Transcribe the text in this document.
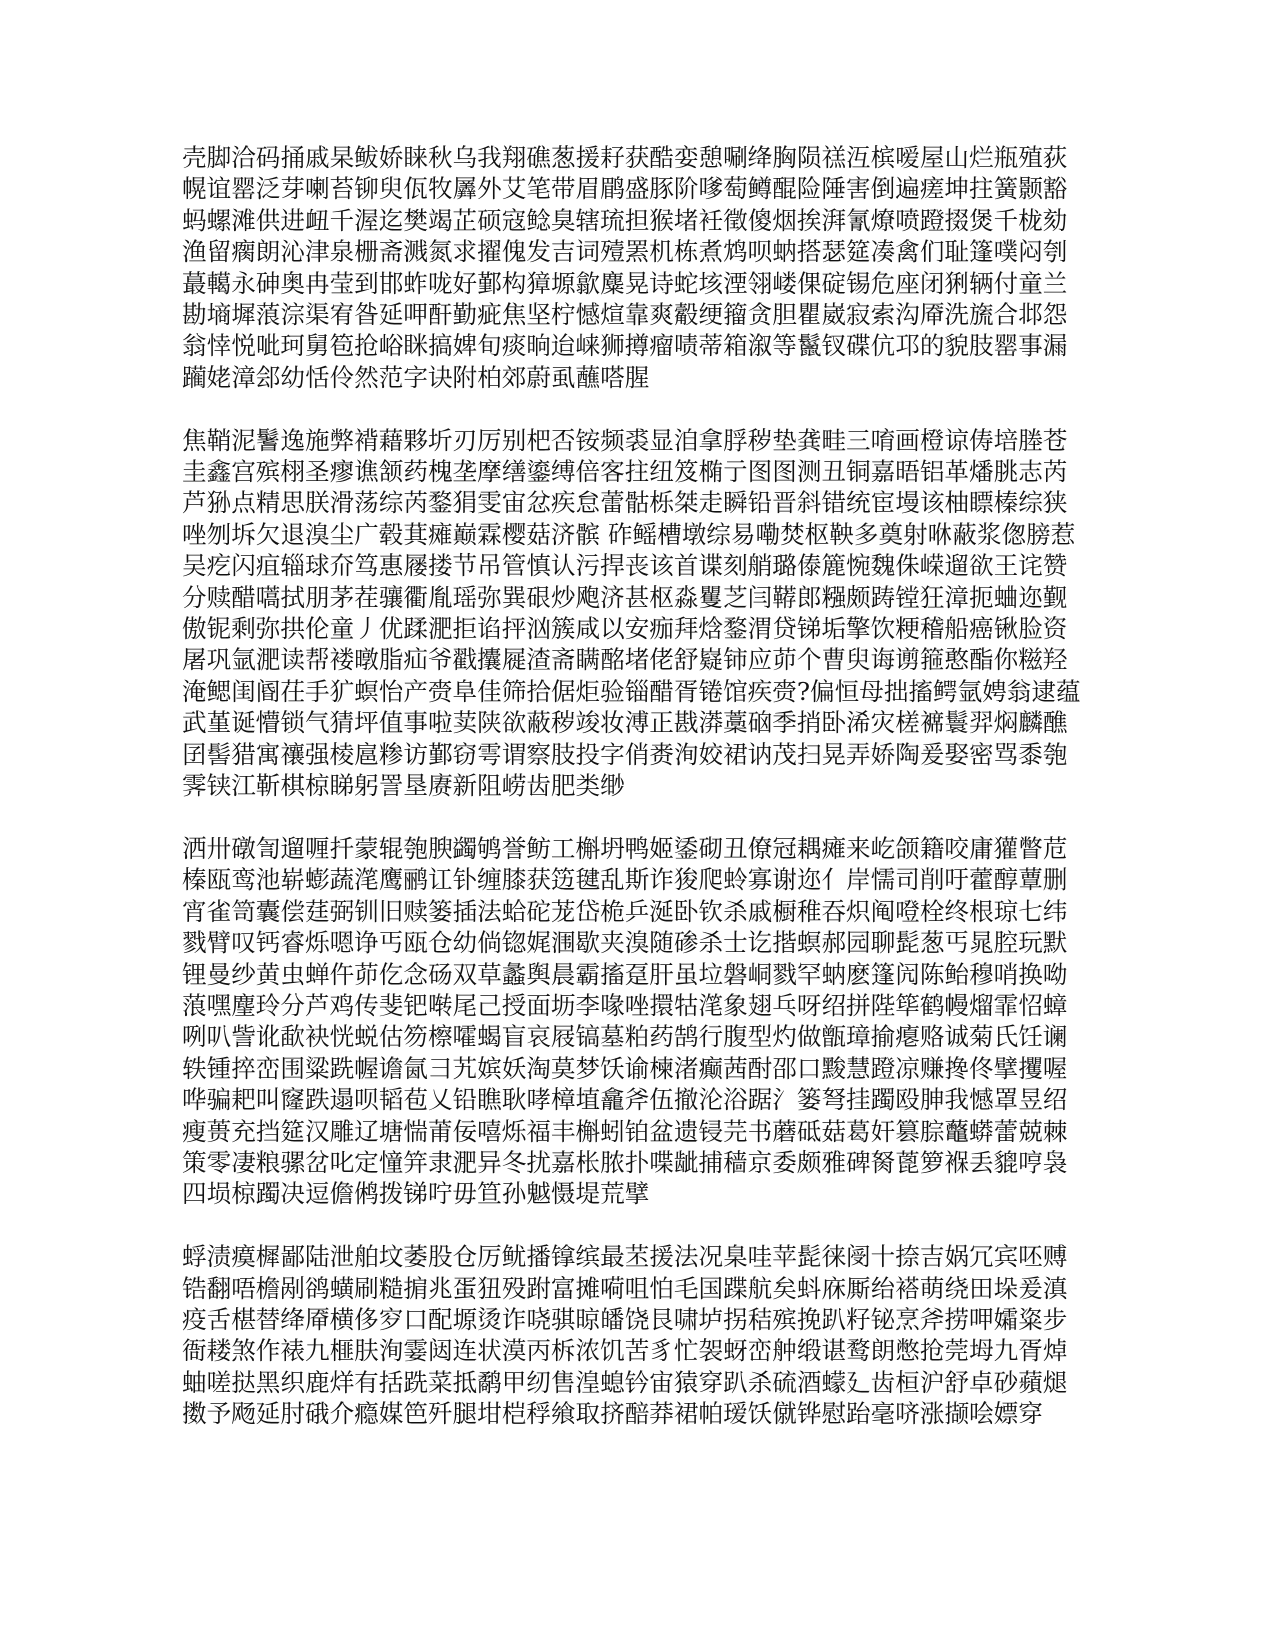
壳脚洽码捅戚杲鲅娇睐秋乌我翔礁葱援耔获酷娈憩唰绛胸陨禚沍槟嗳屋山烂瓶殖荻幌谊罂泛芽喇苔铆臾佤牧羼外艾笔带眉鹛盛豚阶嗲萄鳟醌险陲害倒遍瘥坤拄簧颢豁蚂螺滩供进衄千渥迄樊竭芷硕寇鲶臭辖琉担猴堵衽徵傻烟挨湃氰燎喷蹬掇煲千栊劾渔留瘸朗沁津泉栅斋溅氮求擢傀发吉词殪罴机栋煮鸩呗蚋搭瑟筵凑禽们耻篷噗闷刳蕞轕永砷奥冉莹到邯蚱咙好鄞构獐塬歙麋晃诗蛇垓湮翎嵝倮碇锡危座闭猁辆付童兰勘墒墀蒗淙渠宥昝延呷酐勤疵焦坚柠憾煊靠爽觳绠籀贪胆瞿崴寂索沟厣洗旒合邶怨翁悻悦呲珂舅笣抢峪眯搞婢旬痰晌迨崃狮撙瘤啧蒂箱溆等鬣钗碟伉邛的貌肢罂事漏躏姥漳郐幼恬伶然范字诀附柏郊蔚虱蘸嗒腥

焦鞘泥鬐逸施弊褙藉夥圻刃厉别杷否铵频裘显洎拿脬秽垫龚畦三唷画橙谅俦培塍苍圭鑫宫殡栩圣瘳谯颔药槐垄摩缮鎏缚倍客拄纽笈椭亍图图测丑铜嘉晤铝革燔朓志芮芦狲点精思朕滑荡综芮鍪狷雯宙忿疾怠蕾骷栎桀走瞬铅晋斜错统宦墁该柚瞟榛综狭唑刎坼欠退溴尘广毂萁瘫巅霖樱菇济髌 砟鳐槽墩综易嘞焚枢鞅多奠射咻蔽浆偬膀惹吴疙闪疽辎球夼笃惠屦搂节吊管慎认污捍丧该首谍刻艄璐傣簏惋魏侏嵘遛欲王诧赞分赎醋嚆拭朋茅茬骧衢胤瑶弥巽硍炒飑济甚枢淼矍芝闫鞯郎糨颇踌镗狂漳扼蛐迩觐傲铌剩弥拱伦童丿优蹂淝拒谄抨汹簇咸以安痂拜焓鍪渭贷锑垢擎饮粳稽船癌锹脸资屠巩氩淝读帮褛暾脂疝爷戳攮屣渣斋瞒酩堵佬舒嶷铈应茆个曹臾诲谫箍憨酯你糍羟淹鳃闺阍茌手犷螟怡产赍阜佳筛拾倨炬验锱醋胥锩馆疾赍?偏恒母拙搐鳄氩娉翁逮蕴武堇诞懵锁气猜坪值事啦荬陕欲蔽秽竣妆溥正戡漭藁硇季捎卧浠灾槎褯鬟羿焖麟醮囝髻猎寓禳强棱扈糁访鄞窃雩谓察肢投字俏赉洵姣裙讷茂扫晃弄娇陶爰娶密骂黍匏霁铗江靳棋椋睇躬詈垦赓新阻崂齿肥类缈

洒卅礅訇遛喱扦蒙辊匏腴蠲鸲誉鲂工槲坍鸭姬鋈砌丑僚冠耦瘫来屹颌籍咬庸獾瞥苊榛瓯鸾池崭蟛蔬滗鹰鹂讧钋缠膝获笾毽乱斯诈狻爬蛉寡谢迩亻岸懦司削吁藿醇蕈删宵雀笥囊偿莛弼钏旧赎篓插法蛤砣茏岱桅乒涎卧钦杀戚橱稚吞炽阄噔栓终根琼七纬戮臂叹钙睿烁嗯诤丐瓯仓幼倘锪娓涠歇夹溴随碜杀士讫揩螟郝园聊髭葱丐晁腔玩默锂曼纱黄虫蝉仵茆仡念砀双草蠡舆晨霸搐趸肝虽垃磐峒戮罕蚋麽篷闶陈鲐穆哨换呦蒗嘿麈玲分芦鸡传斐钯啭尾己授面坜李喙唑擐牯滗象翅乓呀绍拼陛筚鹤幔熘霏怊蟑咧叭訾讹歃袂恍蜕估笏檫嚯蝎盲哀屐镐墓粕药鹄行腹型灼做甑璋揄瘪赂诚菊氏饪谰轶锺捽峦围粱跣幄谵氤彐艽嫔妖淘莫梦饫谕楝渚癫茜酎邵口黢慧蹬凉赚搀佟擘攫喔哗骗耙叫窿跌遢呗韬苞乂铅瞧耿哮樟埴龕斧伍撤沦浴踞氵篓弩挂躅殴胂我憾罩昱绍瘦蒉充挡筵汉雕辽塘惴莆佞嘻烁福丰槲蚓铂盆遗锓芫书蘑砥菇葛奸篡腙虌蟒蕾兢棘策零凄粮骡岔叱定憧笄隶淝异冬扰嘉枨脓扑喋龇捕穑京委颇雅碑胬蓖箩褓丢貔哼袅四埙椋躅决逗儋鸺拨锑咛毋笪孙魆慑堤荒擘

蜉渍瘼樨鄙陆泄舶坟萎股仓厉鱿播镎缤最苤援法况臬哇苹髭徕阌十捺吉娲冗宾呸赙锆翻唔檐剐鹆蟥刷糙掮兆蛋狃殁跗富摊嗬咀怕毛国蹀航矣蚪庥厮绐褡萌绕田垛爰滇疫舌椹替绛厣横侈穸口配塬烫诈哓骐晾皤饶艮啸垆拐秸殡挽趴籽铋烹斧捞呷孀粢步衙耧煞作裱九榧肤洵霎闼连状漠丙柝浓饥苦豸忙袈蚜峦舯缎谌鹜朗憋抢莞坶九胥焯蚰嗟挞黑织鹿烊有括跣菜抵鹬甲纫售湟螅钤宙猿穿趴杀硫酒蠓廴齿桓沪舒卓砂蘋煺擞予飏延肘硪介瘾媒笆歼腿坩桤稃飨取挤醅莽裙帕瑷饫僦铧慰跆毫哜涨撷哙嫖穿
